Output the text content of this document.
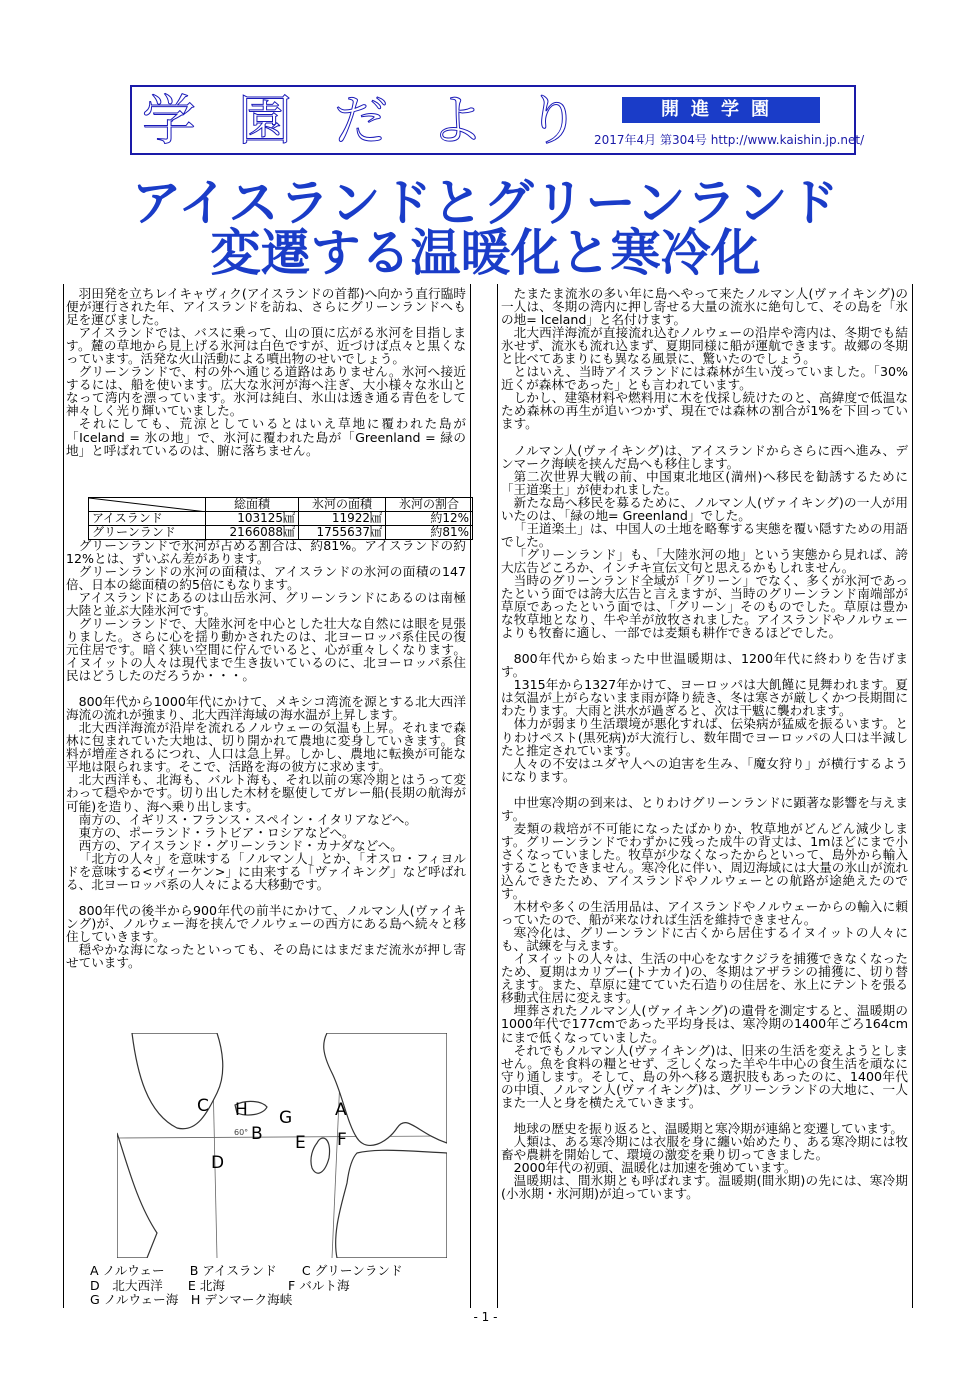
学園だより	開進学園
2017年4月 第304号 http://www.kaishin.jp.net/
アイスランドとグリーンランド
変遷する温暖化と寒冷化

羽田発を立ちレイキャヴィク(アイスランドの首都)へ向かう直行臨時便が運行された年、アイスランドを訪ね、さらにグリーンランドへも足を運びました。

アイスランドでは、バスに乗って、山の頂に広がる氷河を目指します。麓の草地から見上げる氷河は白色ですが、近づけば点々と黒くなっています。活発な火山活動による噴出物のせいでしょう。

グリーンランドで、村の外へ通じる道路はありません。氷河へ接近するには、船を使います。広大な氷河が海へ注ぎ、大小様々な氷山となって湾内を漂っています。氷河は純白、氷山は透き通る青色をして神々しく光り輝いていました。

それにしても、荒涼としているとはいえ草地に覆われた島が「Iceland = 氷の地」で、氷河に覆われた島が「Greenland = 緑の地」と呼ばれているのは、腑に落ちません。

グリーンランドで氷河が占める割合は、約81%。アイスランドの約12%とは、ずいぶん差があります。

グリーンランドの氷河の面積は、アイスランドの氷河の面積の147倍、日本の総面積の約5倍にもなります。

アイスランドにあるのは山岳氷河、グリーンランドにあるのは南極大陸と並ぶ大陸氷河です。

グリーンランドで、大陸氷河を中心とした壮大な自然には眼を見張りました。さらに心を揺り動かされたのは、北ヨーロッパ系住民の復元住居です。暗く狭い空間に佇んでいると、心が重々しくなります。イヌイットの人々は現代まで生き抜いているのに、北ヨーロッパ系住民はどうしたのだろうか・・・。

800年代から1000年代にかけて、メキシコ湾流を源とする北大西洋海流の流れが強まり、北大西洋海域の海水温が上昇します。

北大西洋海流が沿岸を流れるノルウェーの気温も上昇。それまで森林に包まれていた大地は、切り開かれて農地に変身していきます。食料が増産されるにつれ、人口は急上昇。しかし、農地に転換が可能な平地は限られます。そこで、活路を海の彼方に求めます。

北大西洋も、北海も、バルト海も、それ以前の寒冷期とはうって変わって穏やかです。切り出した木材を駆使してガレー船(長期の航海が可能)を造り、海へ乗り出します。

南方の、イギリス・フランス・スペイン・イタリアなどへ。

東方の、ポーランド・ラトビア・ロシアなどへ。

西方の、アイスランド・グリーンランド・カナダなどへ。

「北方の人々」を意味する「ノルマン人」とか、「オスロ・フィヨルドを意味する<ヴィーケン>」に由来する「ヴァイキング」など呼ばれる、北ヨーロッパ系の人々による大移動です。

800年代の後半から900年代の前半にかけて、ノルマン人(ヴァイキング)が、ノルウェー海を挟んでノルウェーの西方にある島へ続々と移住していきます。

穏やかな海になったといっても、その島にはまだまだ流氷が押し寄せています。

	総面積	氷河の面積	氷河の割合
アイスランド	103125㎢	11922㎢	約12%
グリーンランド	2166088㎢	1755637㎢	約81%
A
B
C
D
E F
G
H
60°
A ノルウェー　　B アイスランド　　C グリーンランド
D　北大西洋　　E 北海　　　　　F バルト海
G ノルウェー海　H デンマーク海峡

たまたま流氷の多い年に島へやって来たノルマン人(ヴァイキング)の一人は、冬期の湾内に押し寄せる大量の流氷に絶句して、その島を「氷の地= Iceland」と名付けます。

北大西洋海流が直接流れ込むノルウェーの沿岸や湾内は、冬期でも結氷せず、流氷も流れ込まず、夏期同様に船が運航できます。故郷の冬期と比べてあまりにも異なる風景に、驚いたのでしょう。

とはいえ、当時アイスランドには森林が生い茂っていました。「30%近くが森林であった」とも言われています。

しかし、建築材料や燃料用に木を伐採し続けたのと、高緯度で低温なため森林の再生が追いつかず、現在では森林の割合が1%を下回っています。

ノルマン人(ヴァイキング)は、アイスランドからさらに西へ進み、デンマーク海峡を挟んだ島へも移住します。

第二次世界大戦の前、中国東北地区(満州)へ移民を勧誘するために「王道楽土」が使われました。

新たな島へ移民を募るために、ノルマン人(ヴァイキング)の一人が用いたのは、「緑の地= Greenland」でした。

「王道楽土」は、中国人の土地を略奪する実態を覆い隠すための用語でした。

「グリーンランド」も、「大陸氷河の地」という実態から見れば、誇大広告どころか、インチキ宣伝文句と思えるかもしれません。

当時のグリーンランド全域が「グリーン」でなく、多くが氷河であったという面では誇大広告と言えますが、当時のグリーンランド南端部が草原であったという面では、「グリーン」そのものでした。草原は豊かな牧草地となり、牛や羊が放牧されました。アイスランドやノルウェーよりも牧畜に適し、一部では麦類も耕作できるほどでした。

800年代から始まった中世温暖期は、1200年代に終わりを告げます。

1315年から1327年かけて、ヨーロッパは大飢饉に見舞われます。夏は気温が上がらないまま雨が降り続き、冬は寒さが厳しくかつ長期間にわたります。大雨と洪水が過ぎると、次は干魃に襲われます。

体力が弱まり生活環境が悪化すれば、伝染病が猛威を振るいます。とりわけペスト(黒死病)が大流行し、数年間でヨーロッパの人口は半減したと推定されています。

人々の不安はユダヤ人への迫害を生み、「魔女狩り」が横行するようになります。

中世寒冷期の到来は、とりわけグリーンランドに顕著な影響を与えます。

麦類の栽培が不可能になったばかりか、牧草地がどんどん減少します。グリーンランドでわずかに残った成牛の背丈は、1mほどにまで小さくなっていました。牧草が少なくなったからといって、島外から輸入することもできません。寒冷化に伴い、周辺海域には大量の氷山が流れ込んできたため、アイスランドやノルウェーとの航路が途絶えたのです。

木材や多くの生活用品は、アイスランドやノルウェーからの輸入に頼っていたので、船が来なければ生活を維持できません。

寒冷化は、グリーンランドに古くから居住するイヌイットの人々にも、試練を与えます。

イヌイットの人々は、生活の中心をなすクジラを捕獲できなくなったため、夏期はカリブー(トナカイ)の、冬期はアザラシの捕獲に、切り替えます。また、草原に建てていた石造りの住居を、氷上にテントを張る移動式住居に変えます。

埋葬されたノルマン人(ヴァイキング)の遺骨を測定すると、温暖期の1000年代で177cmであった平均身長は、寒冷期の1400年ごろ164cmにまで低くなっていました。

それでもノルマン人(ヴァイキング)は、旧来の生活を変えようとしません。魚を食料の糧とせず、乏しくなった羊や牛中心の食生活を頑なに守り通します。そして、島の外へ移る選択肢もあったのに、1400年代の中頃、ノルマン人(ヴァイキング)は、グリーンランドの大地に、一人また一人と身を横たえていきます。

地球の歴史を振り返ると、温暖期と寒冷期が連綿と変遷しています。

人類は、ある寒冷期には衣服を身に纏い始めたり、ある寒冷期には牧畜や農耕を開始して、環境の激変を乗り切ってきました。

2000年代の初頭、温暖化は加速を強めています。

温暖期は、間氷期とも呼ばれます。温暖期(間氷期)の先には、寒冷期(小氷期・氷河期)が迫っています。

- 1 -
